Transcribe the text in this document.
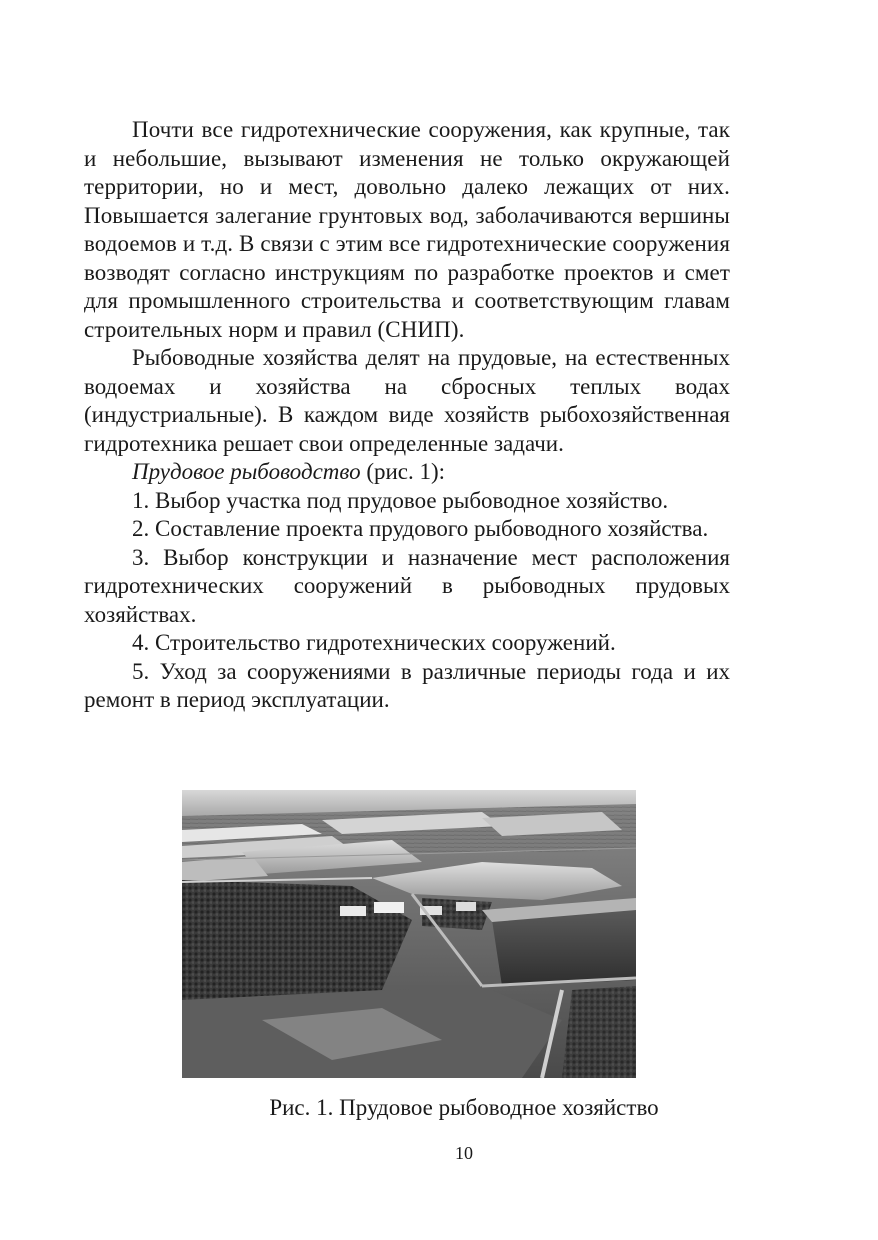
Почти все гидротехнические сооружения, как крупные, так и небольшие, вызывают изменения не только окружающей территории, но и мест, довольно далеко лежащих от них. Повышается залегание грунтовых вод, заболачиваются вершины водоемов и т.д. В связи с этим все гидротехнические сооружения возводят согласно инструкциям по разработке проектов и смет для промышленного строительства и соответствующим главам строительных норм и правил (СНИП).

Рыбоводные хозяйства делят на прудовые, на естественных водоемах и хозяйства на сбросных теплых водах (индустриальные). В каждом виде хозяйств рыбохозяйственная гидротехника решает свои определенные задачи.

Прудовое рыбоводство (рис. 1):

1. Выбор участка под прудовое рыбоводное хозяйство.

2. Составление проекта прудового рыбоводного хозяйства.

3. Выбор конструкции и назначение мест расположения гидротехнических сооружений в рыбоводных прудовых хозяйствах.

4. Строительство гидротехнических сооружений.

5. Уход за сооружениями в различные периоды года и их ремонт в период эксплуатации.

Рис. 1. Прудовое рыбоводное хозяйство
10
